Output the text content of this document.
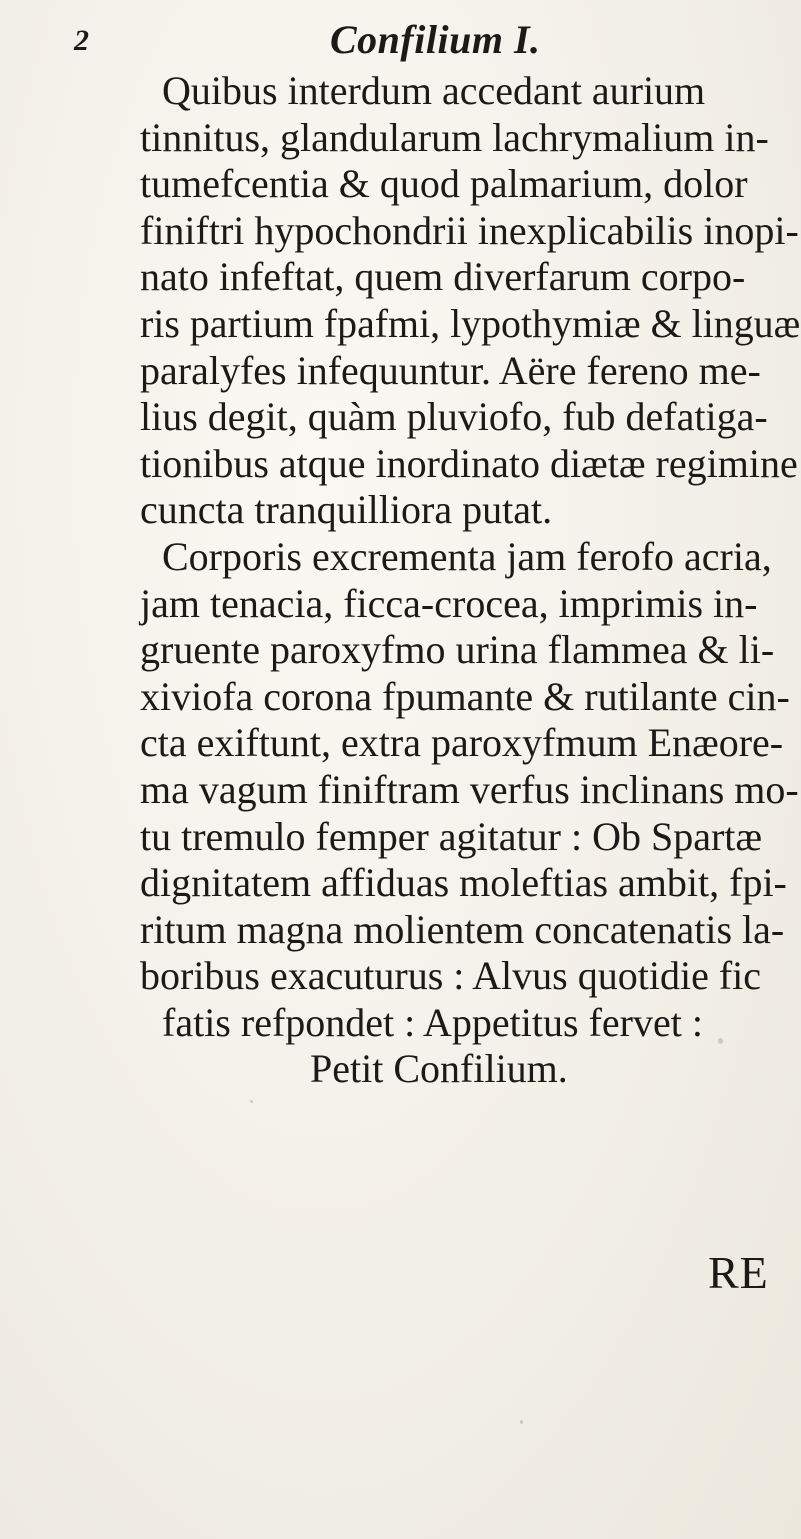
2	Confilium I.
Quibus interdum accedant aurium
tinnitus, glandularum lachrymalium in-
tumefcentia & quod palmarium, dolor
finiftri hypochondrii inexplicabilis inopi-
nato infeftat, quem diverfarum corpo-
ris partium fpafmi, lypothymiæ & linguæ
paralyfes infequuntur. Aëre fereno me-
lius degit, quàm pluviofo, fub defatiga-
tionibus atque inordinato diætæ regimine
cuncta tranquilliora putat.
Corporis excrementa jam ferofo acria,
jam tenacia, ficca-crocea, imprimis in-
gruente paroxyfmo urina flammea & li-
xiviofa corona fpumante & rutilante cin-
cta exiftunt, extra paroxyfmum Enæore-
ma vagum finiftram verfus inclinans mo-
tu tremulo femper agitatur : Ob Spartæ
dignitatem affiduas moleftias ambit, fpi-
ritum magna molientem concatenatis la-
boribus exacuturus : Alvus quotidie fic
fatis refpondet : Appetitus fervet :
Petit Confilium.
RE
